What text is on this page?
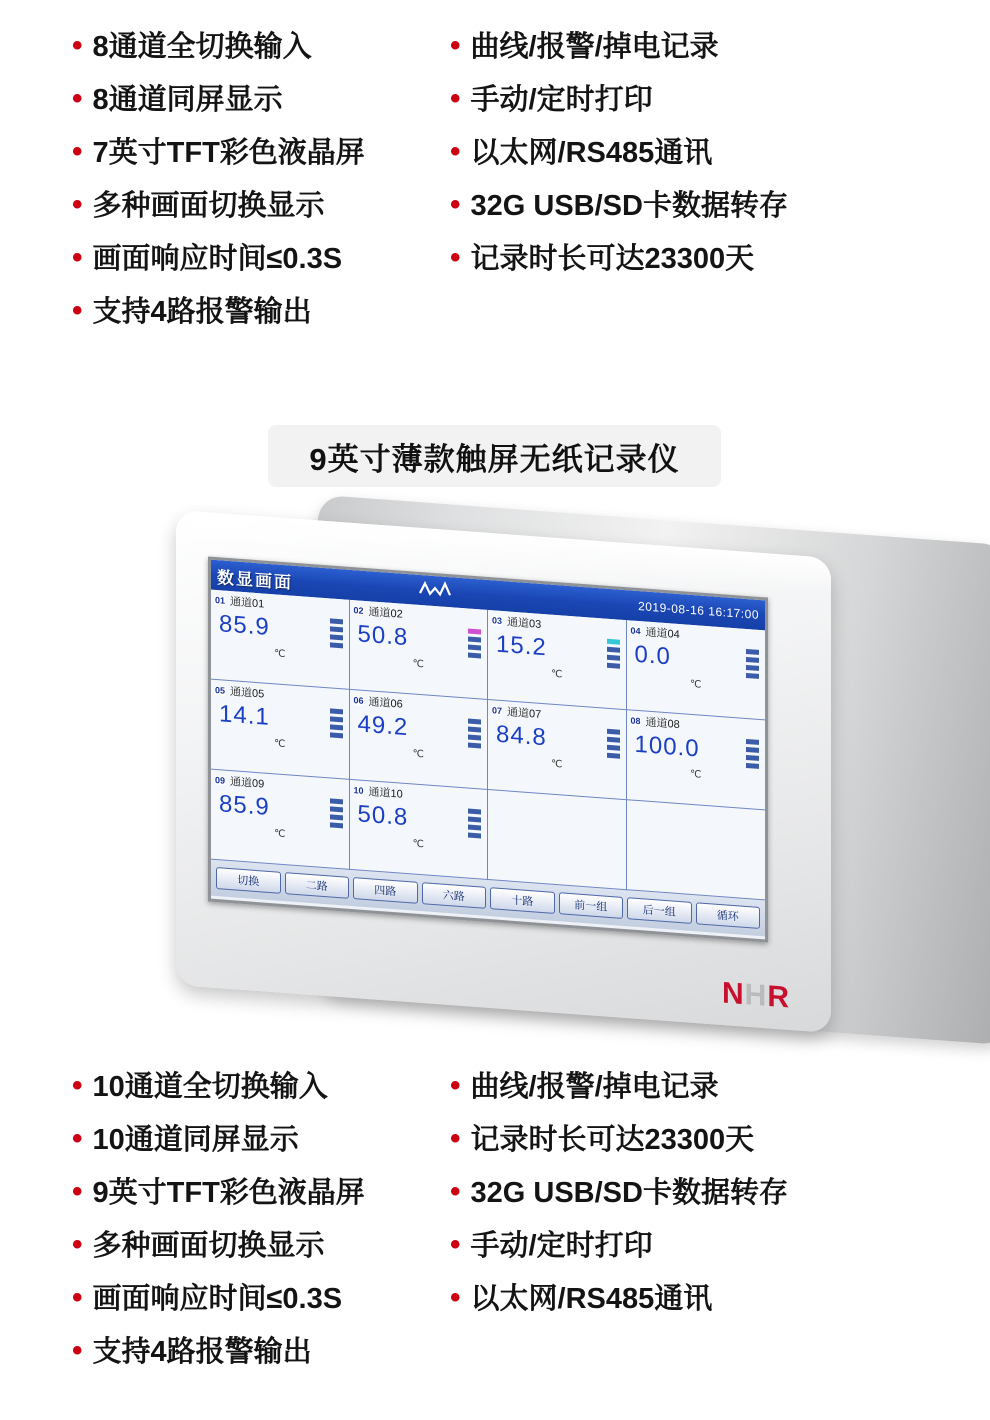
• 8通道全切换输入
• 8通道同屏显示
• 7英寸TFT彩色液晶屏
• 多种画面切换显示
• 画面响应时间≤0.3S
• 支持4路报警输出
• 曲线/报警/掉电记录
• 手动/定时打印
• 以太网/RS485通讯
• 32G USB/SD卡数据转存
• 记录时长可达23300天
9英寸薄款触屏无纸记录仪
数显画面
2019-08-16 16:17:00
01 通道01
85.9
℃
02 通道02
50.8
℃
03 通道03
15.2
℃
04 通道04
0.0
℃
05 通道05
14.1
℃
06 通道06
49.2
℃
07 通道07
84.8
℃
08 通道08
100.0
℃
09 通道09
85.9
℃
10 通道10
50.8
℃
切换	二路	四路	六路	十路	前一组	后一组	循环
NHR
• 10通道全切换输入
• 10通道同屏显示
• 9英寸TFT彩色液晶屏
• 多种画面切换显示
• 画面响应时间≤0.3S
• 支持4路报警输出
• 曲线/报警/掉电记录
• 记录时长可达23300天
• 32G USB/SD卡数据转存
• 手动/定时打印
• 以太网/RS485通讯
